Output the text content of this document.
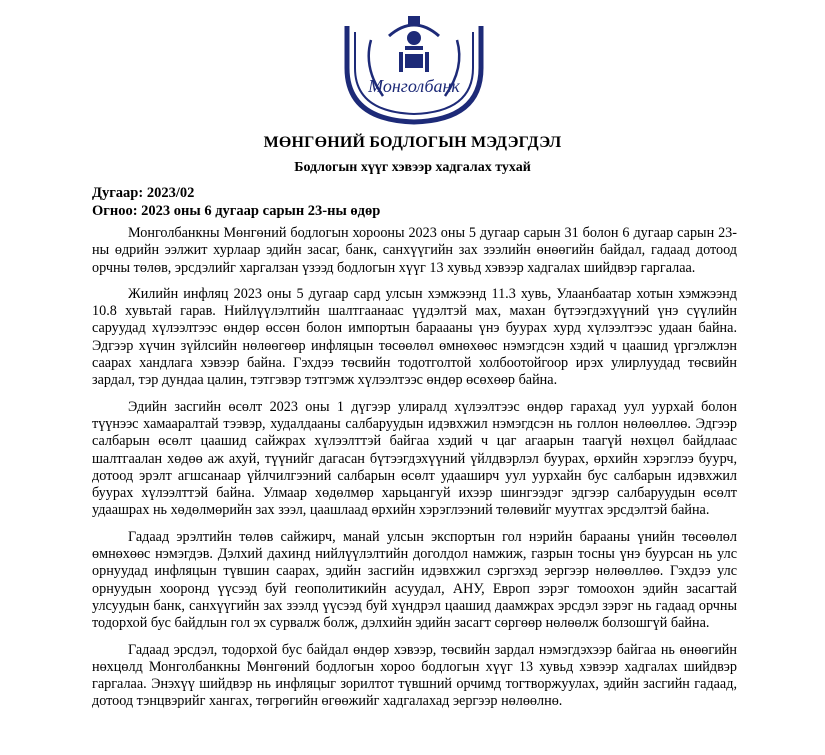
Монголбанк
МӨНГӨНИЙ БОДЛОГЫН МЭДЭГДЭЛ
Бодлогын хүүг хэвээр хадгалах тухай
Дугаар: 2023/02
Огноо: 2023 оны 6 дугаар сарын 23-ны өдөр

Монголбанкны Мөнгөний бодлогын хорооны 2023 оны 5 дугаар сарын 31 болон 6 дугаар сарын 23-ны өдрийн ээлжит хурлаар эдийн засаг, банк, санхүүгийн зах зээлийн өнөөгийн байдал, гадаад дотоод орчны төлөв, эрсдэлийг харгалзан үзээд бодлогын хүүг 13 хувьд хэвээр хадгалах шийдвэр гаргалаа.

Жилийн инфляц 2023 оны 5 дугаар сард улсын хэмжээнд 11.3 хувь, Улаанбаатар хотын хэмжээнд 10.8 хувьтай гарав. Нийлүүлэлтийн шалтгаанаас үүдэлтэй мах, махан бүтээгдэхүүний үнэ сүүлийн саруудад хүлээлтээс өндөр өссөн болон импортын бараааны үнэ буурах хурд хүлээлтээс удаан байна. Эдгээр хүчин зүйлсийн нөлөөгөөр инфляцын төсөөлөл өмнөхөөс нэмэгдсэн хэдий ч цаашид үргэлжлэн саарах хандлага хэвээр байна. Гэхдээ төсвийн тодотголтой холбоотойгоор ирэх улирлуудад төсвийн зардал, тэр дундаа цалин, тэтгэвэр тэтгэмж хүлээлтээс өндөр өсөхөөр байна.

Эдийн засгийн өсөлт 2023 оны 1 дүгээр улиралд хүлээлтээс өндөр гарахад уул уурхай болон түүнээс хамааралтай тээвэр, худалдааны салбаруудын идэвхжил нэмэгдсэн нь голлон нөлөөллөө. Эдгээр салбарын өсөлт цаашид сайжрах хүлээлттэй байгаа хэдий ч цаг агаарын таагүй нөхцөл байдлаас шалтгаалан хөдөө аж ахуй, түүнийг дагасан бүтээгдэхүүний үйлдвэрлэл буурах, өрхийн хэрэглээ буурч, дотоод эрэлт агшсанаар үйлчилгээний салбарын өсөлт удааширч уул уурхайн бус салбарын идэвхжил буурах хүлээлттэй байна. Улмаар хөдөлмөр харьцангуй ихээр шингээдэг эдгээр салбаруудын өсөлт удаашрах нь хөдөлмөрийн зах зээл, цаашлаад өрхийн хэрэглээний төлөвийг муутгах эрсдэлтэй байна.

Гадаад эрэлтийн төлөв сайжирч, манай улсын экспортын гол нэрийн барааны үнийн төсөөлөл өмнөхөөс нэмэгдэв. Дэлхий дахинд нийлүүлэлтийн доголдол намжиж, газрын тосны үнэ буурсан нь улс орнуудад инфляцын түвшин саарах, эдийн засгийн идэвхжил сэргэхэд эергээр нөлөөллөө. Гэхдээ улс орнуудын хооронд үүсээд буй геополитикийн асуудал, АНУ, Европ зэрэг томоохон эдийн засагтай улсуудын банк, санхүүгийн зах зээлд үүсээд буй хүндрэл цаашид даамжрах эрсдэл зэрэг нь гадаад орчны тодорхой бус байдлын гол эх сурвалж болж, дэлхийн эдийн засагт сөргөөр нөлөөлж болзошгүй байна.

Гадаад эрсдэл, тодорхой бус байдал өндөр хэвээр, төсвийн зардал нэмэгдэхээр байгаа нь өнөөгийн нөхцөлд Монголбанкны Мөнгөний бодлогын хороо бодлогын хүүг 13 хувьд хэвээр хадгалах шийдвэр гаргалаа. Энэхүү шийдвэр нь инфляцыг зорилтот түвшний орчимд тогтворжуулах, эдийн засгийн гадаад, дотоод тэнцвэрийг хангах, төгрөгийн өгөөжийг хадгалахад эергээр нөлөөлнө.
